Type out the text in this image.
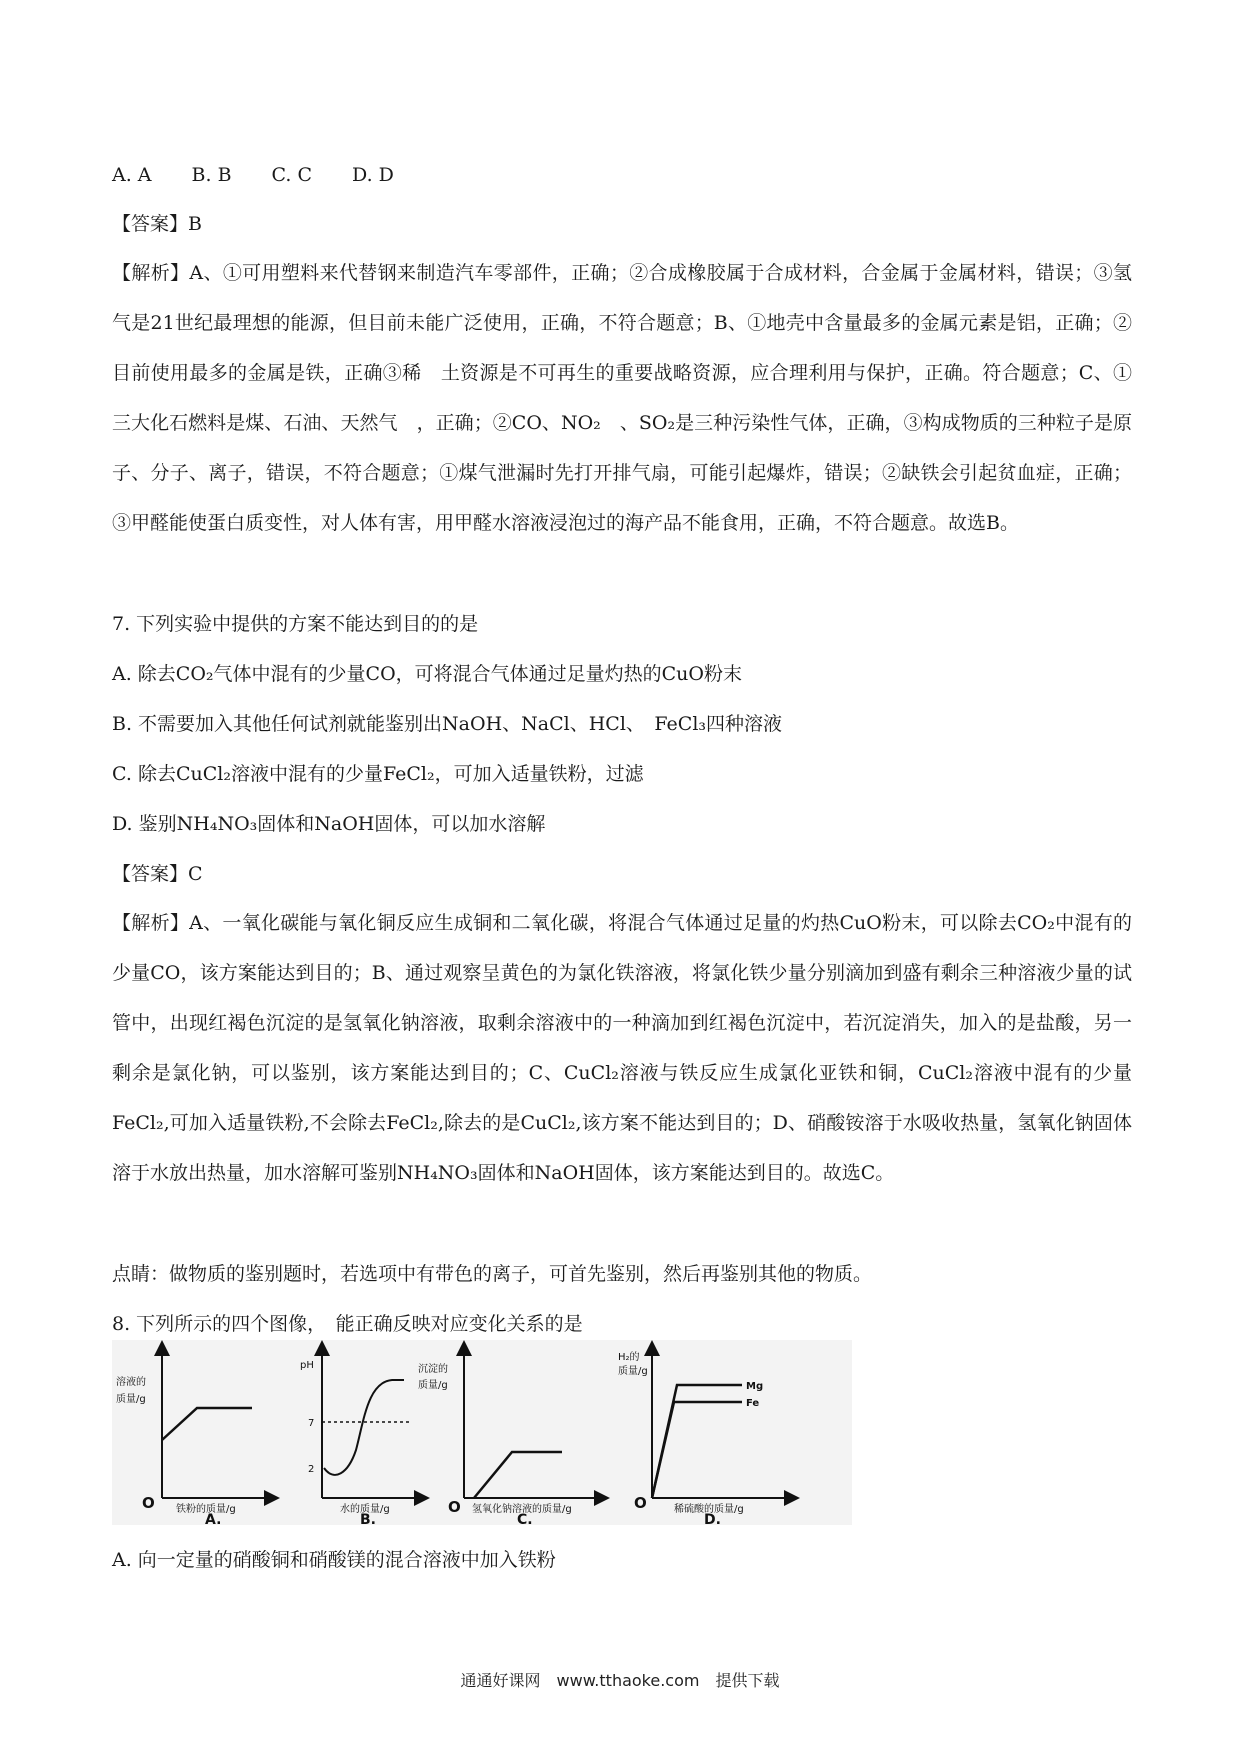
A. A B. B C. C D. D
【答案】B
【解析】A、①可用塑料来代替钢来制造汽车零部件，正确；②合成橡胶属于合成材料，合金属于金属材料，错误；③氢气是21世纪最理想的能源，但目前未能广泛使用，正确，不符合题意；B、①地壳中含量最多的金属元素是铝，正确；②目前使用最多的金属是铁，正确③稀　土资源是不可再生的重要战略资源，应合理利用与保护，正确。符合题意；C、①三大化石燃料是煤、石油、天然气　，正确；②CO、NO₂　、SO₂是三种污染性气体，正确，③构成物质的三种粒子是原子、分子、离子，错误，不符合题意；①煤气泄漏时先打开排气扇，可能引起爆炸，错误；②缺铁会引起贫血症，正确；③甲醛能使蛋白质变性，对人体有害，用甲醛水溶液浸泡过的海产品不能食用，正确，不符合题意。故选B。
7. 下列实验中提供的方案不能达到目的的是
A. 除去CO₂气体中混有的少量CO，可将混合气体通过足量灼热的CuO粉末
B. 不需要加入其他任何试剂就能鉴别出NaOH、NaCl、HCl、　FeCl₃四种溶液
C. 除去CuCl₂溶液中混有的少量FeCl₂，可加入适量铁粉，过滤
D. 鉴别NH₄NO₃固体和NaOH固体，可以加水溶解
【答案】C
【解析】A、一氧化碳能与氧化铜反应生成铜和二氧化碳，将混合气体通过足量的灼热CuO粉末，可以除去CO₂中混有的少量CO，该方案能达到目的；B、通过观察呈黄色的为氯化铁溶液，将氯化铁少量分别滴加到盛有剩余三种溶液少量的试管中，出现红褐色沉淀的是氢氧化钠溶液，取剩余溶液中的一种滴加到红褐色沉淀中，若沉淀消失，加入的是盐酸，另一剩余是氯化钠，可以鉴别，该方案能达到目的；C、CuCl₂溶液与铁反应生成氯化亚铁和铜，CuCl₂溶液中混有的少量FeCl₂,可加入适量铁粉,不会除去FeCl₂,除去的是CuCl₂,该方案不能达到目的；D、硝酸铵溶于水吸收热量，氢氧化钠固体溶于水放出热量，加水溶解可鉴别NH₄NO₃固体和NaOH固体，该方案能达到目的。故选C。
点睛：做物质的鉴别题时，若选项中有带色的离子，可首先鉴别，然后再鉴别其他的物质。
8. 下列所示的四个图像，　能正确反映对应变化关系的是
溶液的
质量/g
O 铁粉的质量/g
A.
pH
7
2
水的质量/g
B.
沉淀的
质量/g
O 氢氧化钠溶液的质量/g
C.
H₂的
质量/g
Mg
Fe
O	稀硫酸的质量/g
D.
A. 向一定量的硝酸铜和硝酸镁的混合溶液中加入铁粉
通通好课网　www.tthaoke.com　提供下载
